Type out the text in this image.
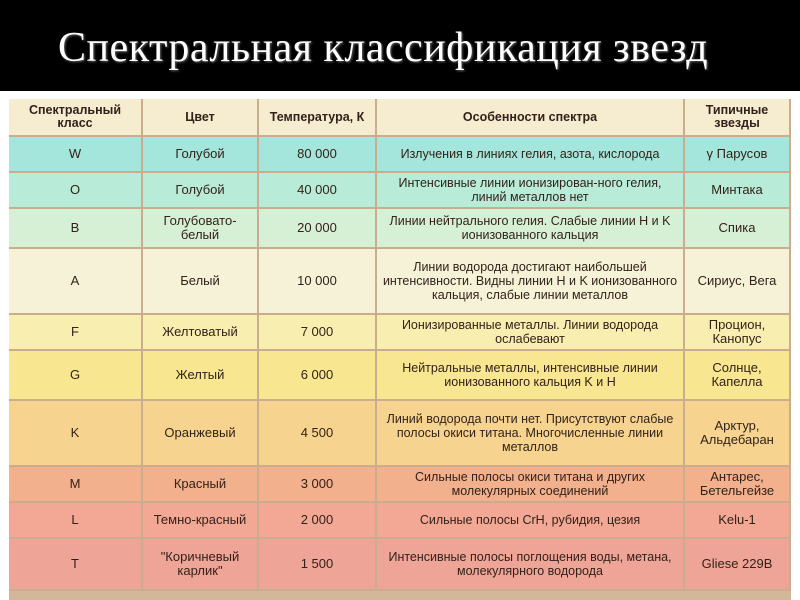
Спектральная классификация звезд
Спектральный класс	Цвет	Температура, К	Особенности спектра	Типичные звезды
W	Голубой	80 000	Излучения в линиях гелия, азота, кислорода	γ Парусов
O	Голубой	40 000	Интенсивные линии ионизирован-ного гелия, линий металлов нет	Минтака
B	Голубовато-белый	20 000	Линии нейтрального гелия. Слабые линии H и K ионизованного кальция	Спика
A	Белый	10 000	Линии водорода достигают наибольшей интенсивности. Видны линии H и K ионизованного кальция, слабые линии металлов	Сириус, Вега
F	Желтоватый	7 000	Ионизированные металлы. Линии водорода ослабевают	Процион, Канопус
G	Желтый	6 000	Нейтральные металлы, интенсивные линии ионизованного кальция K и H	Солнце, Капелла
K	Оранжевый	4 500	Линий водорода почти нет. Присутствуют слабые полосы окиси титана. Многочисленные линии металлов	Арктур, Альдебаран
M	Красный	3 000	Сильные полосы окиси титана и других молекулярных соединений	Антарес, Бетельгейзе
L	Темно-красный	2 000	Сильные полосы CrH, рубидия, цезия	Kelu-1
T	"Коричневый карлик"	1 500	Интенсивные полосы поглощения воды, метана, молекулярного водорода	Gliese 229B
